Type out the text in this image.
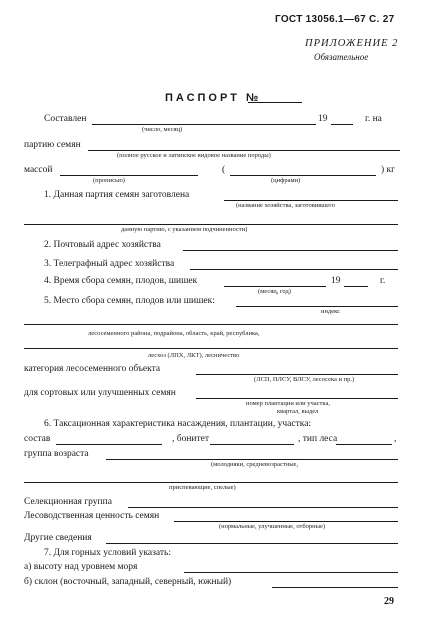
ГОСТ 13056.1—67 С. 27
ПРИЛОЖЕНИЕ 2
Обязательное
ПАСПОРТ №
Составлен	19	г. на
(число, месяц)
партию семян
(полное русское и латинское видовое название породы)
массой	(	) кг
(прописью)	(цифрами)
1. Данная партия семян заготовлена
(название хозяйства, заготовившего
данную партию, с указанием подчиненности)
2. Почтовый адрес хозяйства
3. Телеграфный адрес хозяйства
4. Время сбора семян, плодов, шишек	19	г.
(месяц, год)
5. Место сбора семян, плодов или шишек:
индекс
лесосеменного района, подрайона, область, край, республика,
лесхоз (ЛПХ, ЛКТ), лесничество
категория лесосеменного объекта
(ЛСП, ПЛСУ, ВЛСУ, лесосека и пр.)
для сортовых или улучшенных семян
номер плантации или участка,
квартал, выдел
6. Таксационная характеристика насаждения, плантации, участка:
состав	, бонитет	, тип леса	,
группа возраста
(молодняки, средневозрастные,
приспевающие, спелые)
Селекционная группа
Лесоводственная ценность семян
(нормальные, улучшенные, отборные)
Другие сведения
7. Для горных условий указать:
а) высоту над уровнем моря
б) склон (восточный, западный, северный, южный)
29
